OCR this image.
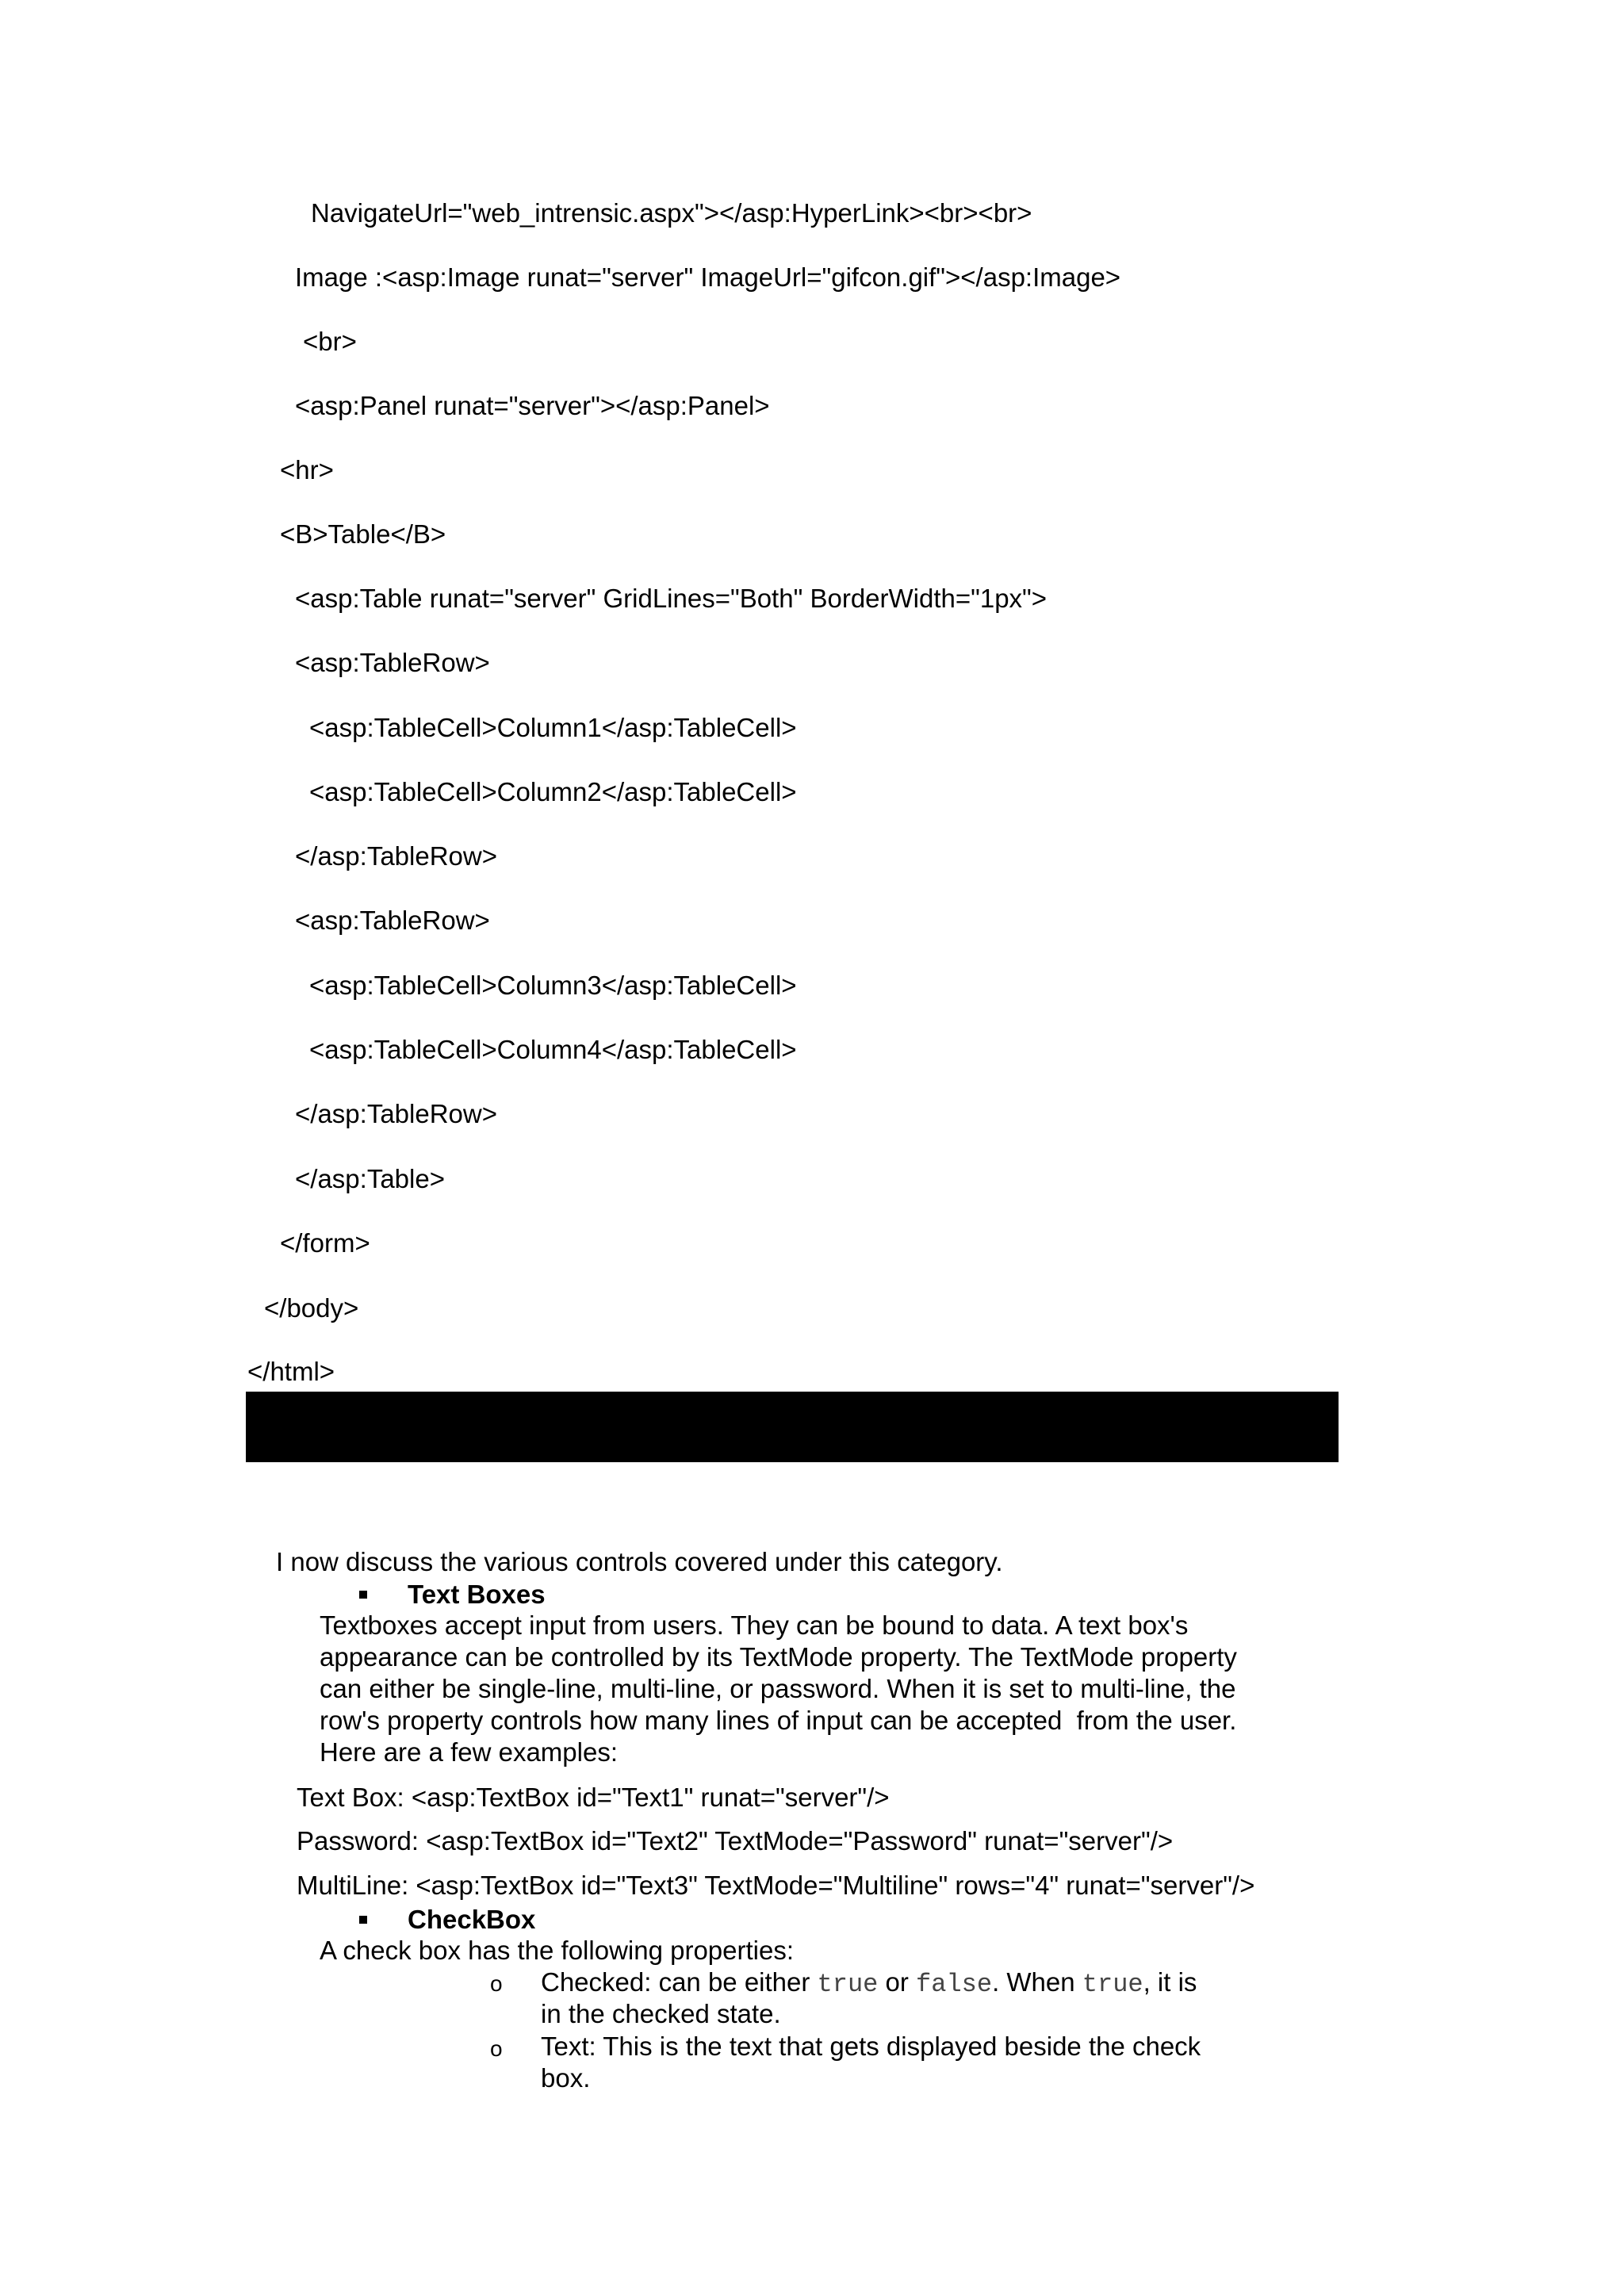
NavigateUrl="web_intrensic.aspx"></asp:HyperLink><br><br>
Image :<asp:Image runat="server" ImageUrl="gifcon.gif"></asp:Image>
<br>
<asp:Panel runat="server"></asp:Panel>
<hr>
<B>Table</B>
<asp:Table runat="server" GridLines="Both" BorderWidth="1px">
<asp:TableRow>
<asp:TableCell>Column1</asp:TableCell>
<asp:TableCell>Column2</asp:TableCell>
</asp:TableRow>
<asp:TableRow>
<asp:TableCell>Column3</asp:TableCell>
<asp:TableCell>Column4</asp:TableCell>
</asp:TableRow>
</asp:Table>
</form>
</body>
</html>
I now discuss the various controls covered under this category.
Text Boxes
Textboxes accept input from users. They can be bound to data. A text box's
appearance can be controlled by its TextMode property. The TextMode property
can either be single-line, multi-line, or password. When it is set to multi-line, the
row's property controls how many lines of input can be accepted  from the user.
Here are a few examples:
Text Box: <asp:TextBox id="Text1" runat="server"/>
Password: <asp:TextBox id="Text2" TextMode="Password" runat="server"/>
MultiLine: <asp:TextBox id="Text3" TextMode="Multiline" rows="4" runat="server"/>
CheckBox
A check box has the following properties:
o Checked: can be either true or false. When true, it is
in the checked state.
o Text: This is the text that gets displayed beside the check
box.
